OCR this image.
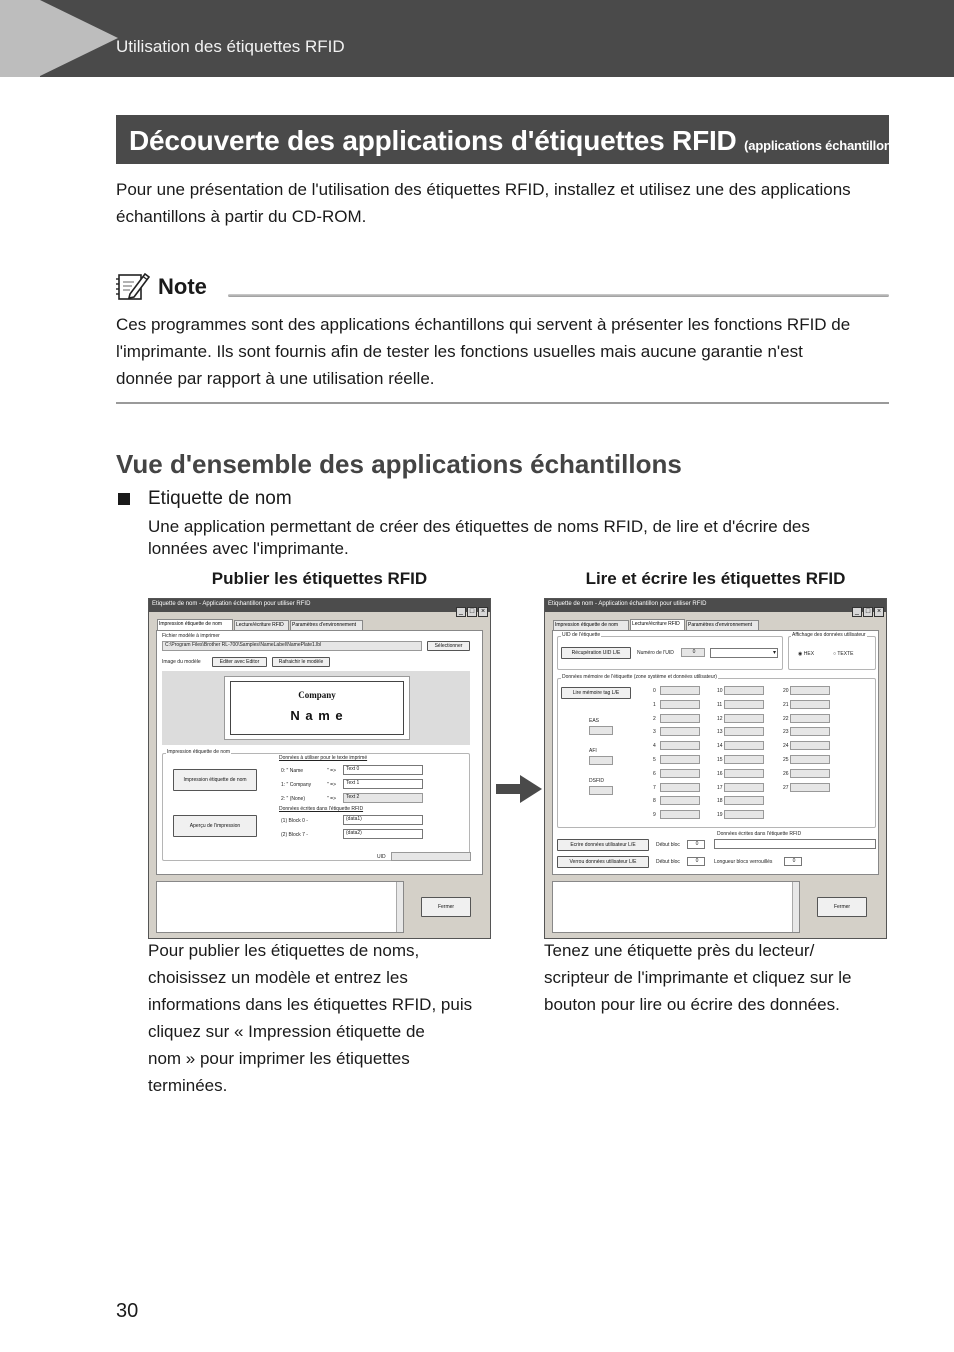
Utilisation des étiquettes RFID
Découverte des applications d'étiquettes RFID (applications échantillons)
Pour une présentation de l'utilisation des étiquettes RFID, installez et utilisez une des applications
échantillons à partir du CD-ROM.
Note
Ces programmes sont des applications échantillons qui servent à présenter les fonctions RFID de
l'imprimante. Ils sont fournis afin de tester les fonctions usuelles mais aucune garantie n'est
donnée par rapport à une utilisation réelle.
Vue d'ensemble des applications échantillons
Etiquette de nom
Une application permettant de créer des étiquettes de noms RFID, de lire et d'écrire des
lonnées avec l'imprimante.
Publier les étiquettes RFID	Lire et écrire les étiquettes RFID
Etiquette de nom - Application échantillon pour utiliser RFID
_ □ ×
Impression étiquette de nom	Lecture/écriture RFID	Paramètres d'environnement
Fichier modèle à imprimer
C:\Program Files\Brother RL-700\Samples\NameLabel\NamePlate1.lbl	Sélectionner
Image du modèle	Editer avec Editor	Rafraichir le modèle
Company
N a m e
Impression étiquette de nom
Impression étiquette de nom
Aperçu de l'impression
Données à utiliser pour le texte imprimé
0: " Name	" =>	Text 0
1: " Company	" =>	Text 1
2: " (None)	" =>	Text 2
Données écrites dans l'étiquette RFID
(1) Block 0 -	(data1)
(2) Block 7 -	(data2)
UID
Fermer
Etiquette de nom - Application échantillon pour utiliser RFID
_ □ ×
Impression étiquette de nom	Lecture/écriture RFID	Paramètres d'environnement
UID de l'étiquette
Récupération UID L/E	Numéro de l'UID	0	▾
Affichage des données utilisateur
◉ HEX	○ TEXTE
Données mémoire de l'étiquette (zone système et données utilisateur)
Lire mémoire tag L/E
EAS
AFI
DSFID
0
1
2
3
4
5
6
7
8
9
10
11
12
13
14
15
16
17
18
19
20
21
22
23
24
25
26
27
Données écrites dans l'étiquette RFID
Ecrire données utilisateur L/E	Début bloc	0
Verrou données utilisateur L/E	Début bloc	0	Longueur blocs verrouillés	0
Fermer
Pour publier les étiquettes de noms,
choisissez un modèle et entrez les
informations dans les étiquettes RFID, puis
cliquez sur « Impression étiquette de
nom » pour imprimer les étiquettes
terminées.
Tenez une étiquette près du lecteur/
scripteur de l'imprimante et cliquez sur le
bouton pour lire ou écrire des données.
30
